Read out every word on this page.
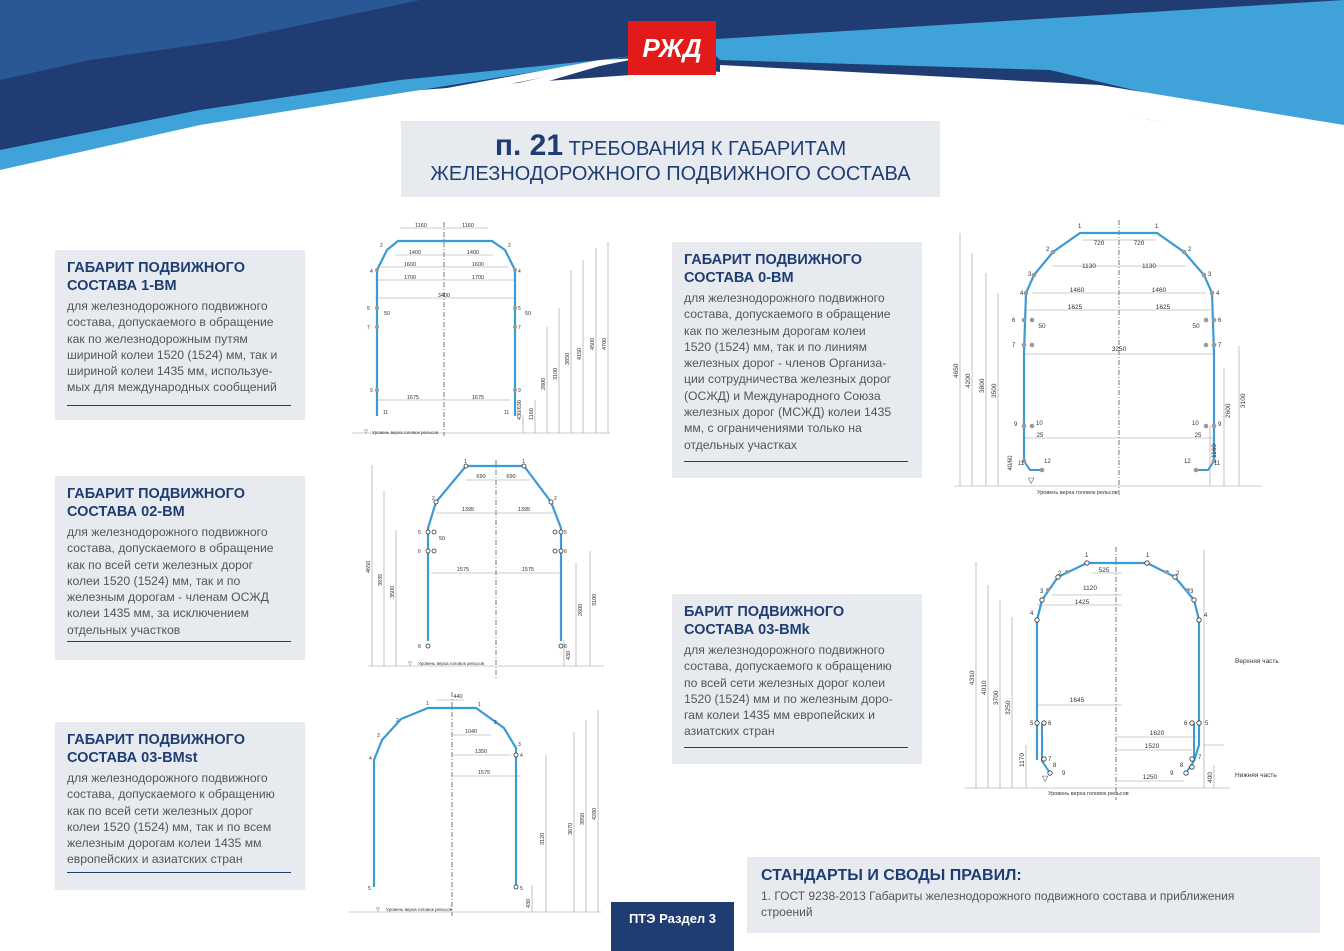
РЖД
п. 21 ТРЕБОВАНИЯ К ГАБАРИТАМ
ЖЕЛЕЗНОДОРОЖНОГО ПОДВИЖНОГО СОСТАВА
ГАБАРИТ ПОДВИЖНОГО
СОСТАВА 1-ВМ

для железнодорожного подвижного
состава, допускаемого в обращение
как по железнодорожным путям
шириной колеи 1520 (1524) мм, так и
шириной колеи 1435 мм, используе-
мых для международных сообщений

ГАБАРИТ ПОДВИЖНОГО
СОСТАВА 02-ВМ

для железнодорожного подвижного
состава, допускаемого в обращение
как по всей сети железных дорог
колеи 1520 (1524) мм, так и по
железным дорогам - членам ОСЖД
колеи 1435 мм, за исключением
отдельных участков

ГАБАРИТ ПОДВИЖНОГО
СОСТАВА 03-ВМst

для железнодорожного подвижного
состава, допускаемого к обращению
как по всей сети железных дорог
колеи 1520 (1524) мм, так и по всем
железным дорогам колеи 1435 мм
европейских и азиатских стран

ГАБАРИТ ПОДВИЖНОГО
СОСТАВА 0-ВМ

для железнодорожного подвижного
состава, допускаемого в обращение
как по железным дорогам колеи
1520 (1524) мм, так и по линиям
железных дорог - членов Организа-
ции сотрудничества железных дорог
(ОСЖД) и Международного Союза
железных дорог (МСЖД) колеи 1435
мм, с ограничениями только на
отдельных участках

БАРИТ ПОДВИЖНОГО
СОСТАВА 03-ВМk

для железнодорожного подвижного
состава, допускаемого к обращению
по всей сети железных дорог колеи
1520 (1524) мм и по железным доро-
гам колеи 1435 мм европейских и
азиатских стран

1160	1160
1400	1400
1600	1600
1700	1700
3400
50	50
1675	1675
4700
4500
4150
3850
3100
2800
1160
430/630
2	2
4	4
5	5
7	7
9	9
11	11
▽ Уровень верха головок рельсов
690	690
1395	1395
50
1575	1575
4650
3935
3500
3100
2600
430
1	1
2	2
5	5
6	6
8	8
▽ Уровень верха головок рельсов
440
1040
1350
1575
4280
3950
3670
3120
430
1	1
2	2
3
3
4	4
5	5
▽ Уровень верха головок рельсов
720	720
1130	1130
1460	1460
1625	1625
50	50
3250
4650
4200 3800 3500
3100
2600
1160
25	25
40/60
1	1
2	2
3	3
4	4
6	6
7	7
9	9
10	10
11	11
12	12
▽
Уровень верха головок рельсов
525
1120
1425
1645
1620
1520
1250
4310
4010
3700
3250
1170
400
1	1
2	2
3	3
4	4
5	5
6	6
7	7
8	8
9	9
Верхняя часть
Нижняя часть
▽
Уровень верха головок рельсов
СТАНДАРТЫ И СВОДЫ ПРАВИЛ:

1. ГОСТ 9238-2013 Габариты железнодорожного подвижного состава и приближения
строений

ПТЭ Раздел 3
